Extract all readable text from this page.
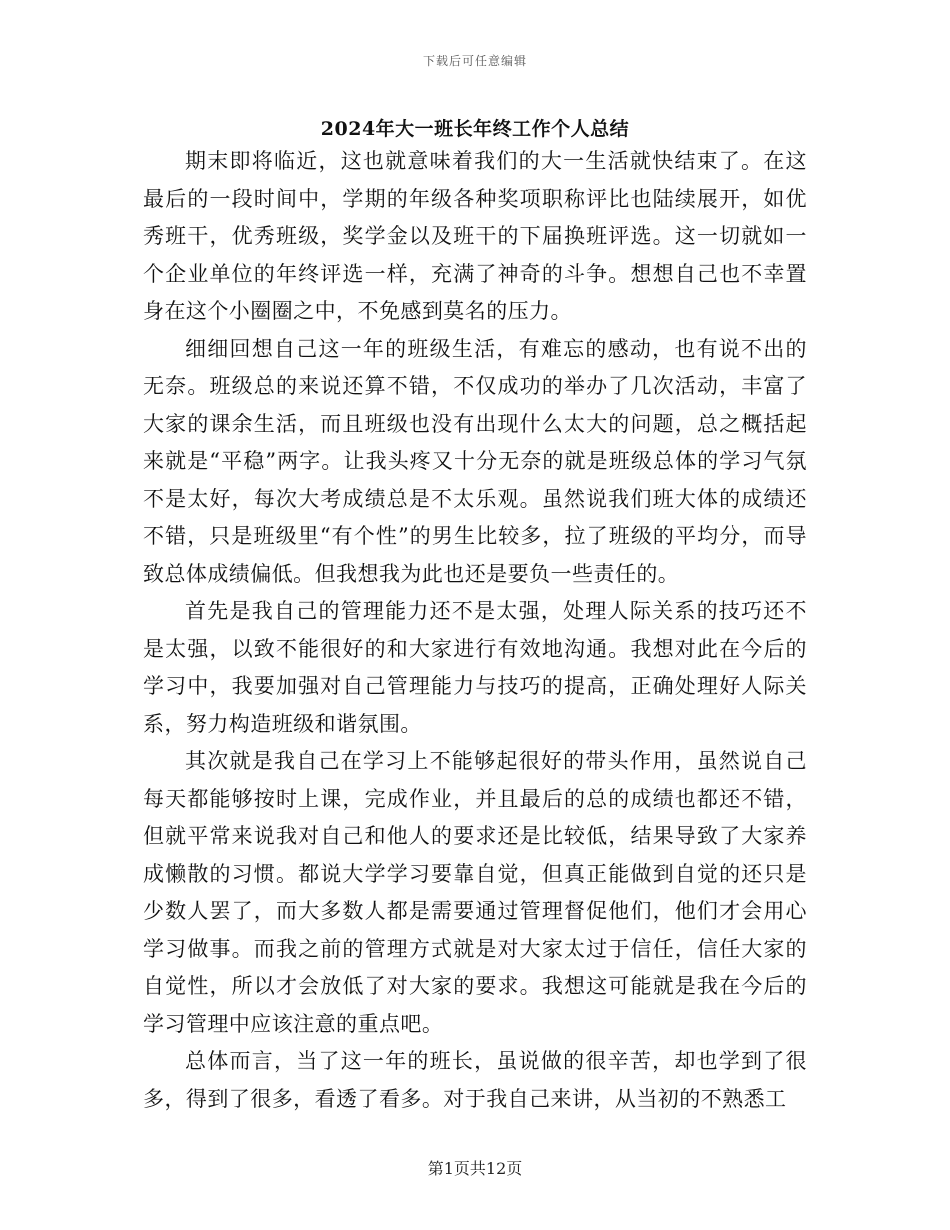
下载后可任意编辑
2024年大一班长年终工作个人总结

期末即将临近，这也就意味着我们的大一生活就快结束了。在这最后的一段时间中，学期的年级各种奖项职称评比也陆续展开，如优秀班干，优秀班级，奖学金以及班干的下届换班评选。这一切就如一个企业单位的年终评选一样，充满了神奇的斗争。想想自己也不幸置身在这个小圈圈之中，不免感到莫名的压力。

细细回想自己这一年的班级生活，有难忘的感动，也有说不出的无奈。班级总的来说还算不错，不仅成功的举办了几次活动，丰富了大家的课余生活，而且班级也没有出现什么太大的问题，总之概括起来就是“平稳”两字。让我头疼又十分无奈的就是班级总体的学习气氛不是太好，每次大考成绩总是不太乐观。虽然说我们班大体的成绩还不错，只是班级里“有个性”的男生比较多，拉了班级的平均分，而导致总体成绩偏低。但我想我为此也还是要负一些责任的。

首先是我自己的管理能力还不是太强，处理人际关系的技巧还不是太强，以致不能很好的和大家进行有效地沟通。我想对此在今后的学习中，我要加强对自己管理能力与技巧的提高，正确处理好人际关系，努力构造班级和谐氛围。

其次就是我自己在学习上不能够起很好的带头作用，虽然说自己每天都能够按时上课，完成作业，并且最后的总的成绩也都还不错，但就平常来说我对自己和他人的要求还是比较低，结果导致了大家养成懒散的习惯。都说大学学习要靠自觉，但真正能做到自觉的还只是少数人罢了，而大多数人都是需要通过管理督促他们，他们才会用心学习做事。而我之前的管理方式就是对大家太过于信任，信任大家的自觉性，所以才会放低了对大家的要求。我想这可能就是我在今后的学习管理中应该注意的重点吧。

总体而言，当了这一年的班长，虽说做的很辛苦，却也学到了很多，得到了很多，看透了看多。对于我自己来讲，从当初的不熟悉工

第1页共12页
